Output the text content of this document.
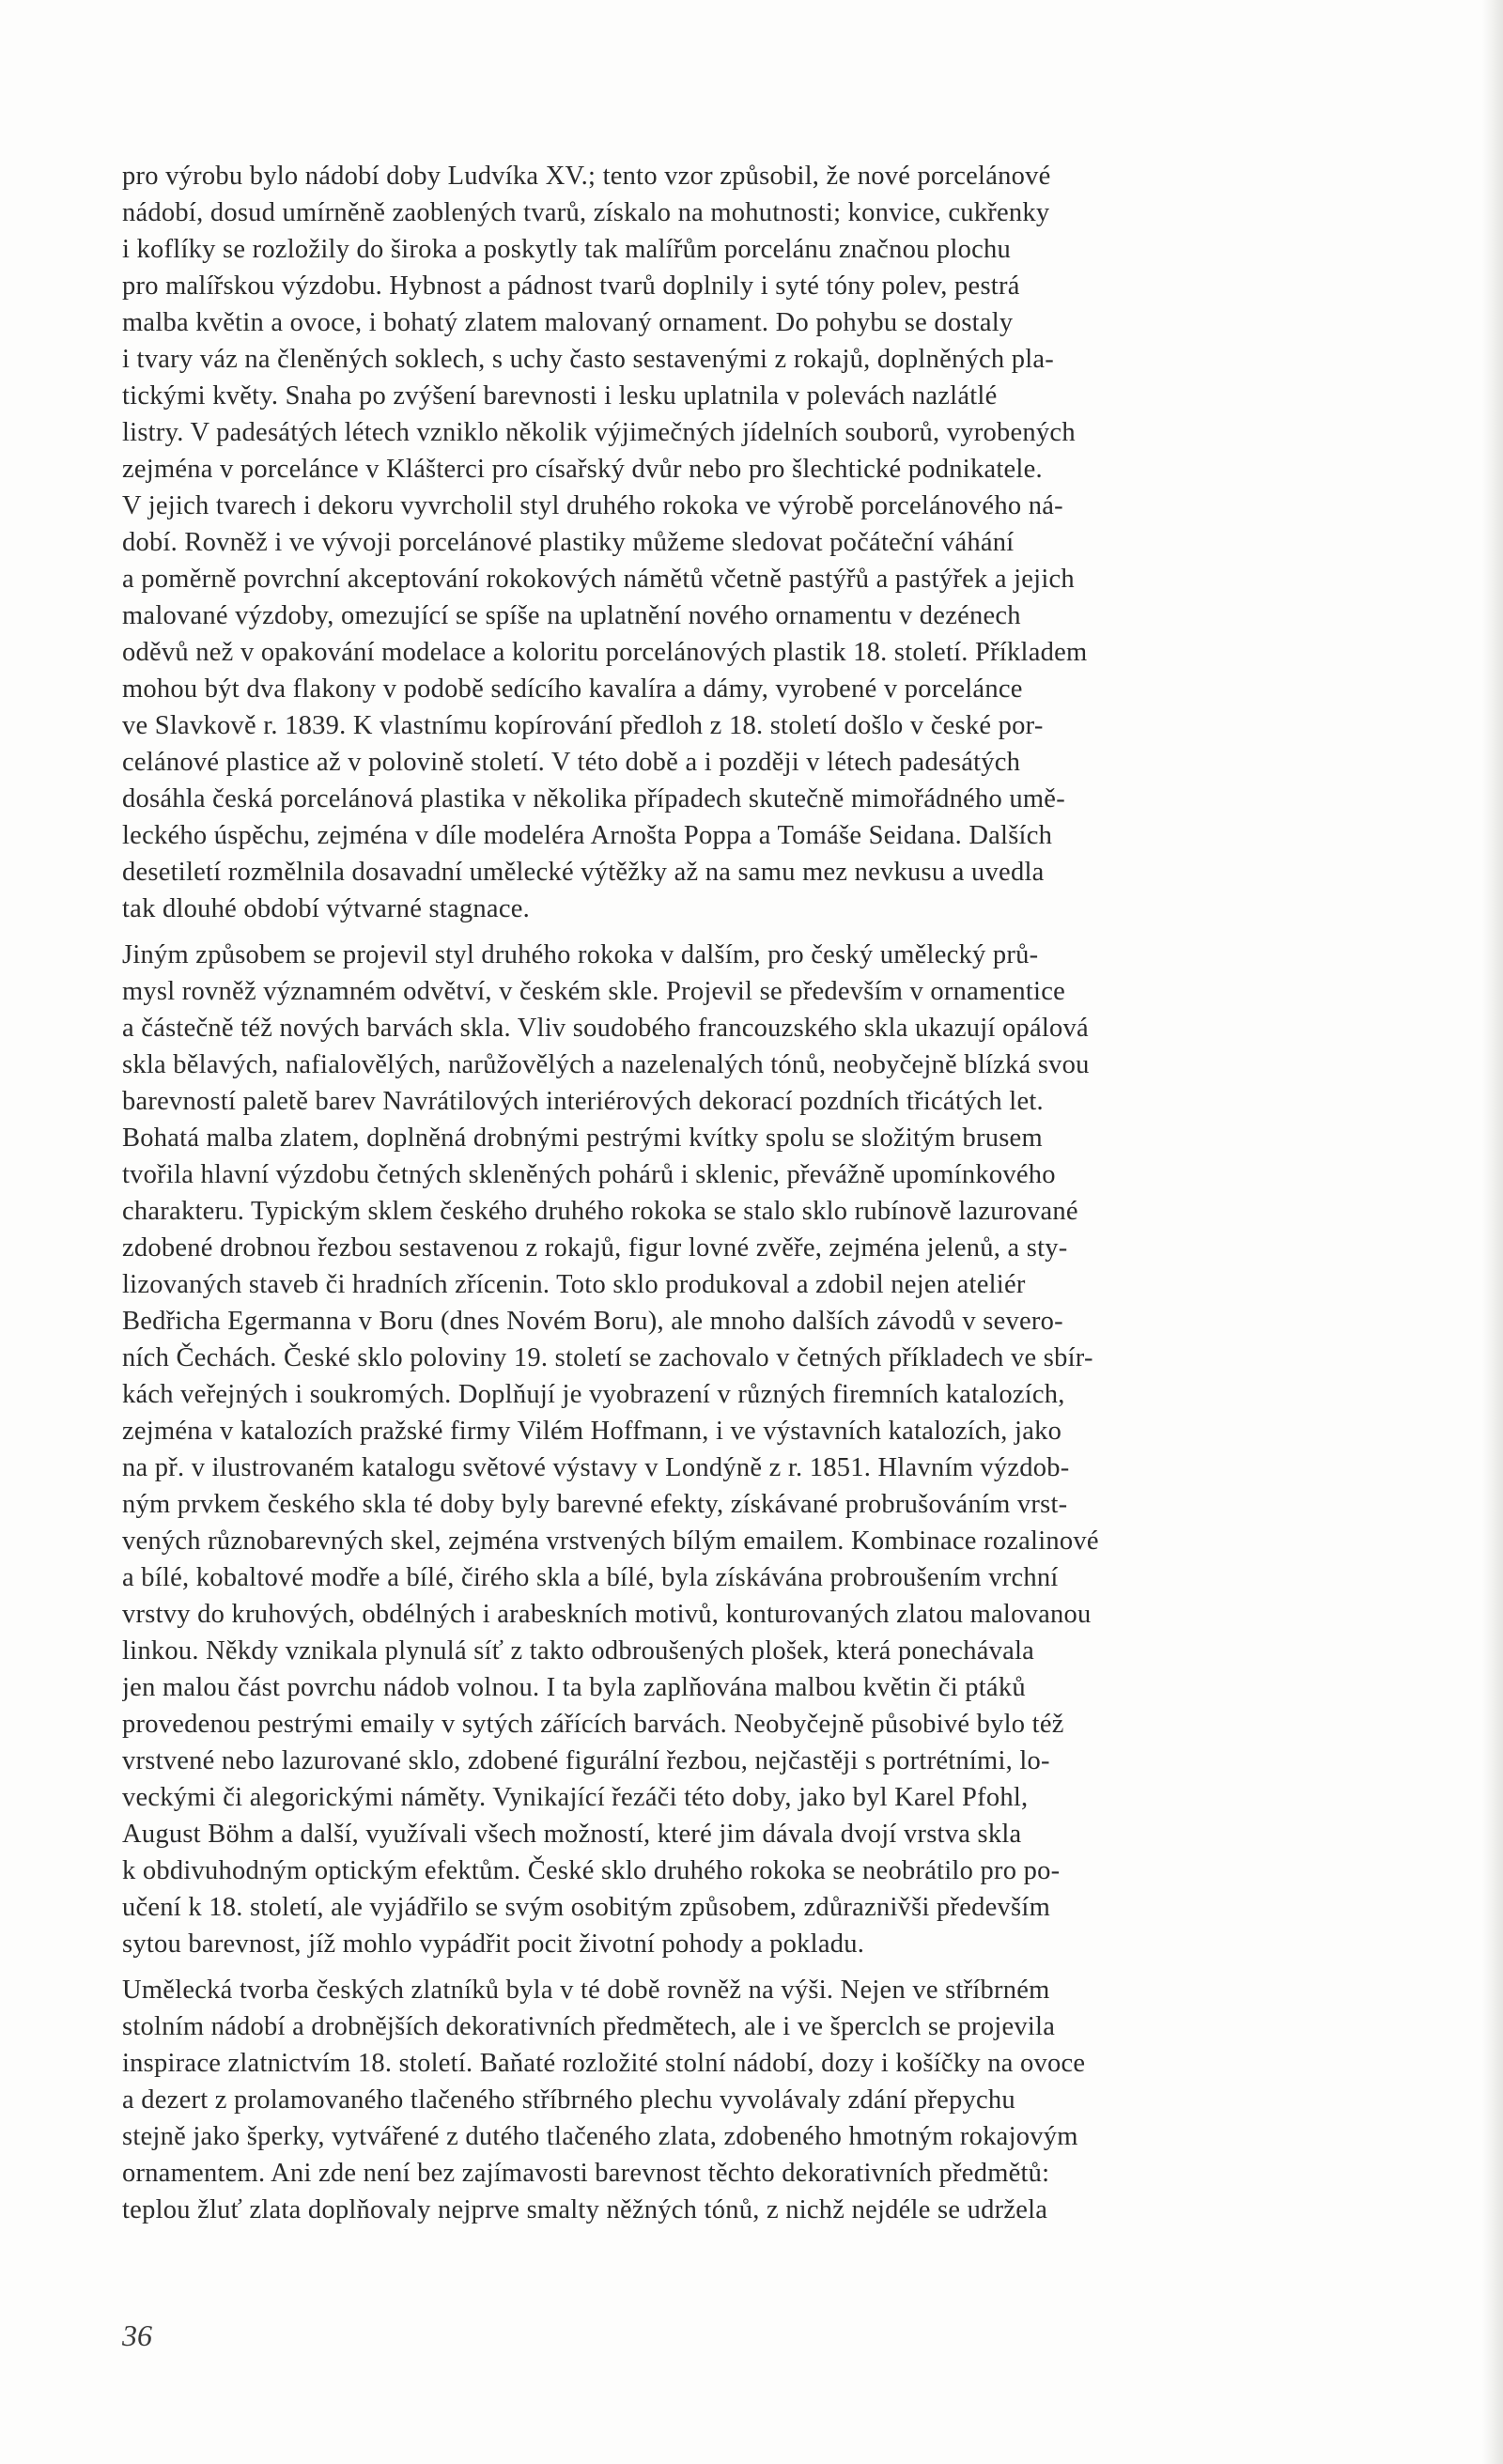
pro výrobu bylo nádobí doby Ludvíka XV.; tento vzor způsobil, že nové porcelánové
nádobí, dosud umírněně zaoblených tvarů, získalo na mohutnosti; konvice, cukřenky
i koflíky se rozložily do široka a poskytly tak malířům porcelánu značnou plochu
pro malířskou výzdobu. Hybnost a pádnost tvarů doplnily i syté tóny polev, pestrá
malba květin a ovoce, i bohatý zlatem malovaný ornament. Do pohybu se dostaly
i tvary váz na členěných soklech, s uchy často sestavenými z rokajů, doplněných pla-
tickými květy. Snaha po zvýšení barevnosti i lesku uplatnila v polevách nazlátlé
listry. V padesátých létech vzniklo několik výjimečných jídelních souborů, vyrobených
zejména v porcelánce v Klášterci pro císařský dvůr nebo pro šlechtické podnikatele.
V jejich tvarech i dekoru vyvrcholil styl druhého rokoka ve výrobě porcelánového ná-
dobí. Rovněž i ve vývoji porcelánové plastiky můžeme sledovat počáteční váhání
a poměrně povrchní akceptování rokokových námětů včetně pastýřů a pastýřek a jejich
malované výzdoby, omezující se spíše na uplatnění nového ornamentu v dezénech
oděvů než v opakování modelace a koloritu porcelánových plastik 18. století. Příkladem
mohou být dva flakony v podobě sedícího kavalíra a dámy, vyrobené v porcelánce
ve Slavkově r. 1839. K vlastnímu kopírování předloh z 18. století došlo v české por-
celánové plastice až v polovině století. V této době a i později v létech padesátých
dosáhla česká porcelánová plastika v několika případech skutečně mimořádného umě-
leckého úspěchu, zejména v díle modeléra Arnošta Poppa a Tomáše Seidana. Dalších
desetiletí rozmělnila dosavadní umělecké výtěžky až na samu mez nevkusu a uvedla
tak dlouhé období výtvarné stagnace.
Jiným způsobem se projevil styl druhého rokoka v dalším, pro český umělecký prů-
mysl rovněž významném odvětví, v českém skle. Projevil se především v ornamentice
a částečně též nových barvách skla. Vliv soudobého francouzského skla ukazují opálová
skla bělavých, nafialovělých, narůžovělých a nazelenalých tónů, neobyčejně blízká svou
barevností paletě barev Navrátilových interiérových dekorací pozdních třicátých let.
Bohatá malba zlatem, doplněná drobnými pestrými kvítky spolu se složitým brusem
tvořila hlavní výzdobu četných skleněných pohárů i sklenic, převážně upomínkového
charakteru. Typickým sklem českého druhého rokoka se stalo sklo rubínově lazurované
zdobené drobnou řezbou sestavenou z rokajů, figur lovné zvěře, zejména jelenů, a sty-
lizovaných staveb či hradních zřícenin. Toto sklo produkoval a zdobil nejen ateliér
Bedřicha Egermanna v Boru (dnes Novém Boru), ale mnoho dalších závodů v severo-
ních Čechách. České sklo poloviny 19. století se zachovalo v četných příkladech ve sbír-
kách veřejných i soukromých. Doplňují je vyobrazení v různých firemních katalozích,
zejména v katalozích pražské firmy Vilém Hoffmann, i ve výstavních katalozích, jako
na př. v ilustrovaném katalogu světové výstavy v Londýně z r. 1851. Hlavním výzdob-
ným prvkem českého skla té doby byly barevné efekty, získávané probrušováním vrst-
vených různobarevných skel, zejména vrstvených bílým emailem. Kombinace rozalinové
a bílé, kobaltové modře a bílé, čirého skla a bílé, byla získávána probroušením vrchní
vrstvy do kruhových, obdélných i arabeskních motivů, konturovaných zlatou malovanou
linkou. Někdy vznikala plynulá síť z takto odbroušených plošek, která ponechávala
jen malou část povrchu nádob volnou. I ta byla zaplňována malbou květin či ptáků
provedenou pestrými emaily v sytých zářících barvách. Neobyčejně působivé bylo též
vrstvené nebo lazurované sklo, zdobené figurální řezbou, nejčastěji s portrétními, lo-
veckými či alegorickými náměty. Vynikající řezáči této doby, jako byl Karel Pfohl,
August Böhm a další, využívali všech možností, které jim dávala dvojí vrstva skla
k obdivuhodným optickým efektům. České sklo druhého rokoka se neobrátilo pro po-
učení k 18. století, ale vyjádřilo se svým osobitým způsobem, zdůrazniv̌ši především
sytou barevnost, jíž mohlo vypádřit pocit životní pohody a pokladu.
Umělecká tvorba českých zlatníků byla v té době rovněž na výši. Nejen ve stříbrném
stolním nádobí a drobnějších dekorativních předmětech, ale i ve šperclch se projevila
inspirace zlatnictvím 18. století. Baňaté rozložité stolní nádobí, dozy i košíčky na ovoce
a dezert z prolamovaného tlačeného stříbrného plechu vyvolávaly zdání přepychu
stejně jako šperky, vytvářené z dutého tlačeného zlata, zdobeného hmotným rokajovým
ornamentem. Ani zde není bez zajímavosti barevnost těchto dekorativních předmětů:
teplou žluť zlata doplňovaly nejprve smalty něžných tónů, z nichž nejdéle se udržela
36
